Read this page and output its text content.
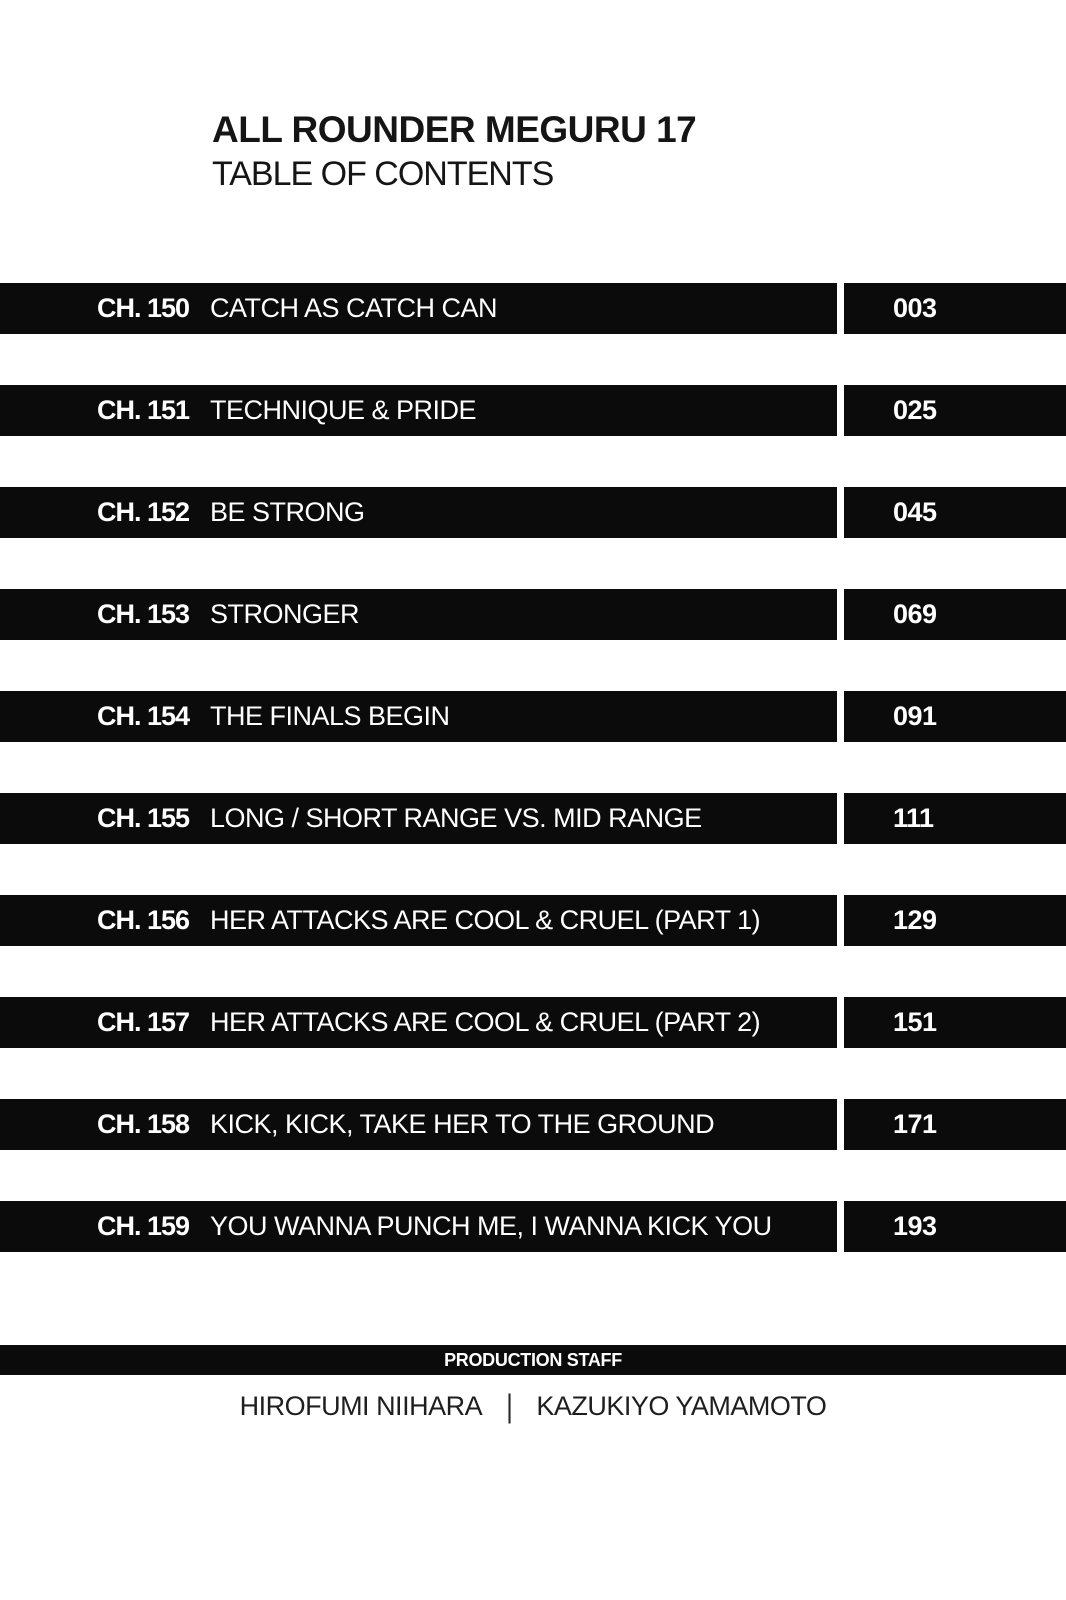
ALL ROUNDER MEGURU 17
TABLE OF CONTENTS
CH. 150 CATCH AS CATCH CAN	003
CH. 151 TECHNIQUE & PRIDE	025
CH. 152 BE STRONG	045
CH. 153 STRONGER	069
CH. 154 THE FINALS BEGIN	091
CH. 155 LONG / SHORT RANGE VS. MID RANGE	111
CH. 156 HER ATTACKS ARE COOL & CRUEL (PART 1)	129
CH. 157 HER ATTACKS ARE COOL & CRUEL (PART 2)	151
CH. 158 KICK, KICK, TAKE HER TO THE GROUND	171
CH. 159 YOU WANNA PUNCH ME, I WANNA KICK YOU	193
PRODUCTION STAFF
HIROFUMI NIIHARA | KAZUKIYO YAMAMOTO
